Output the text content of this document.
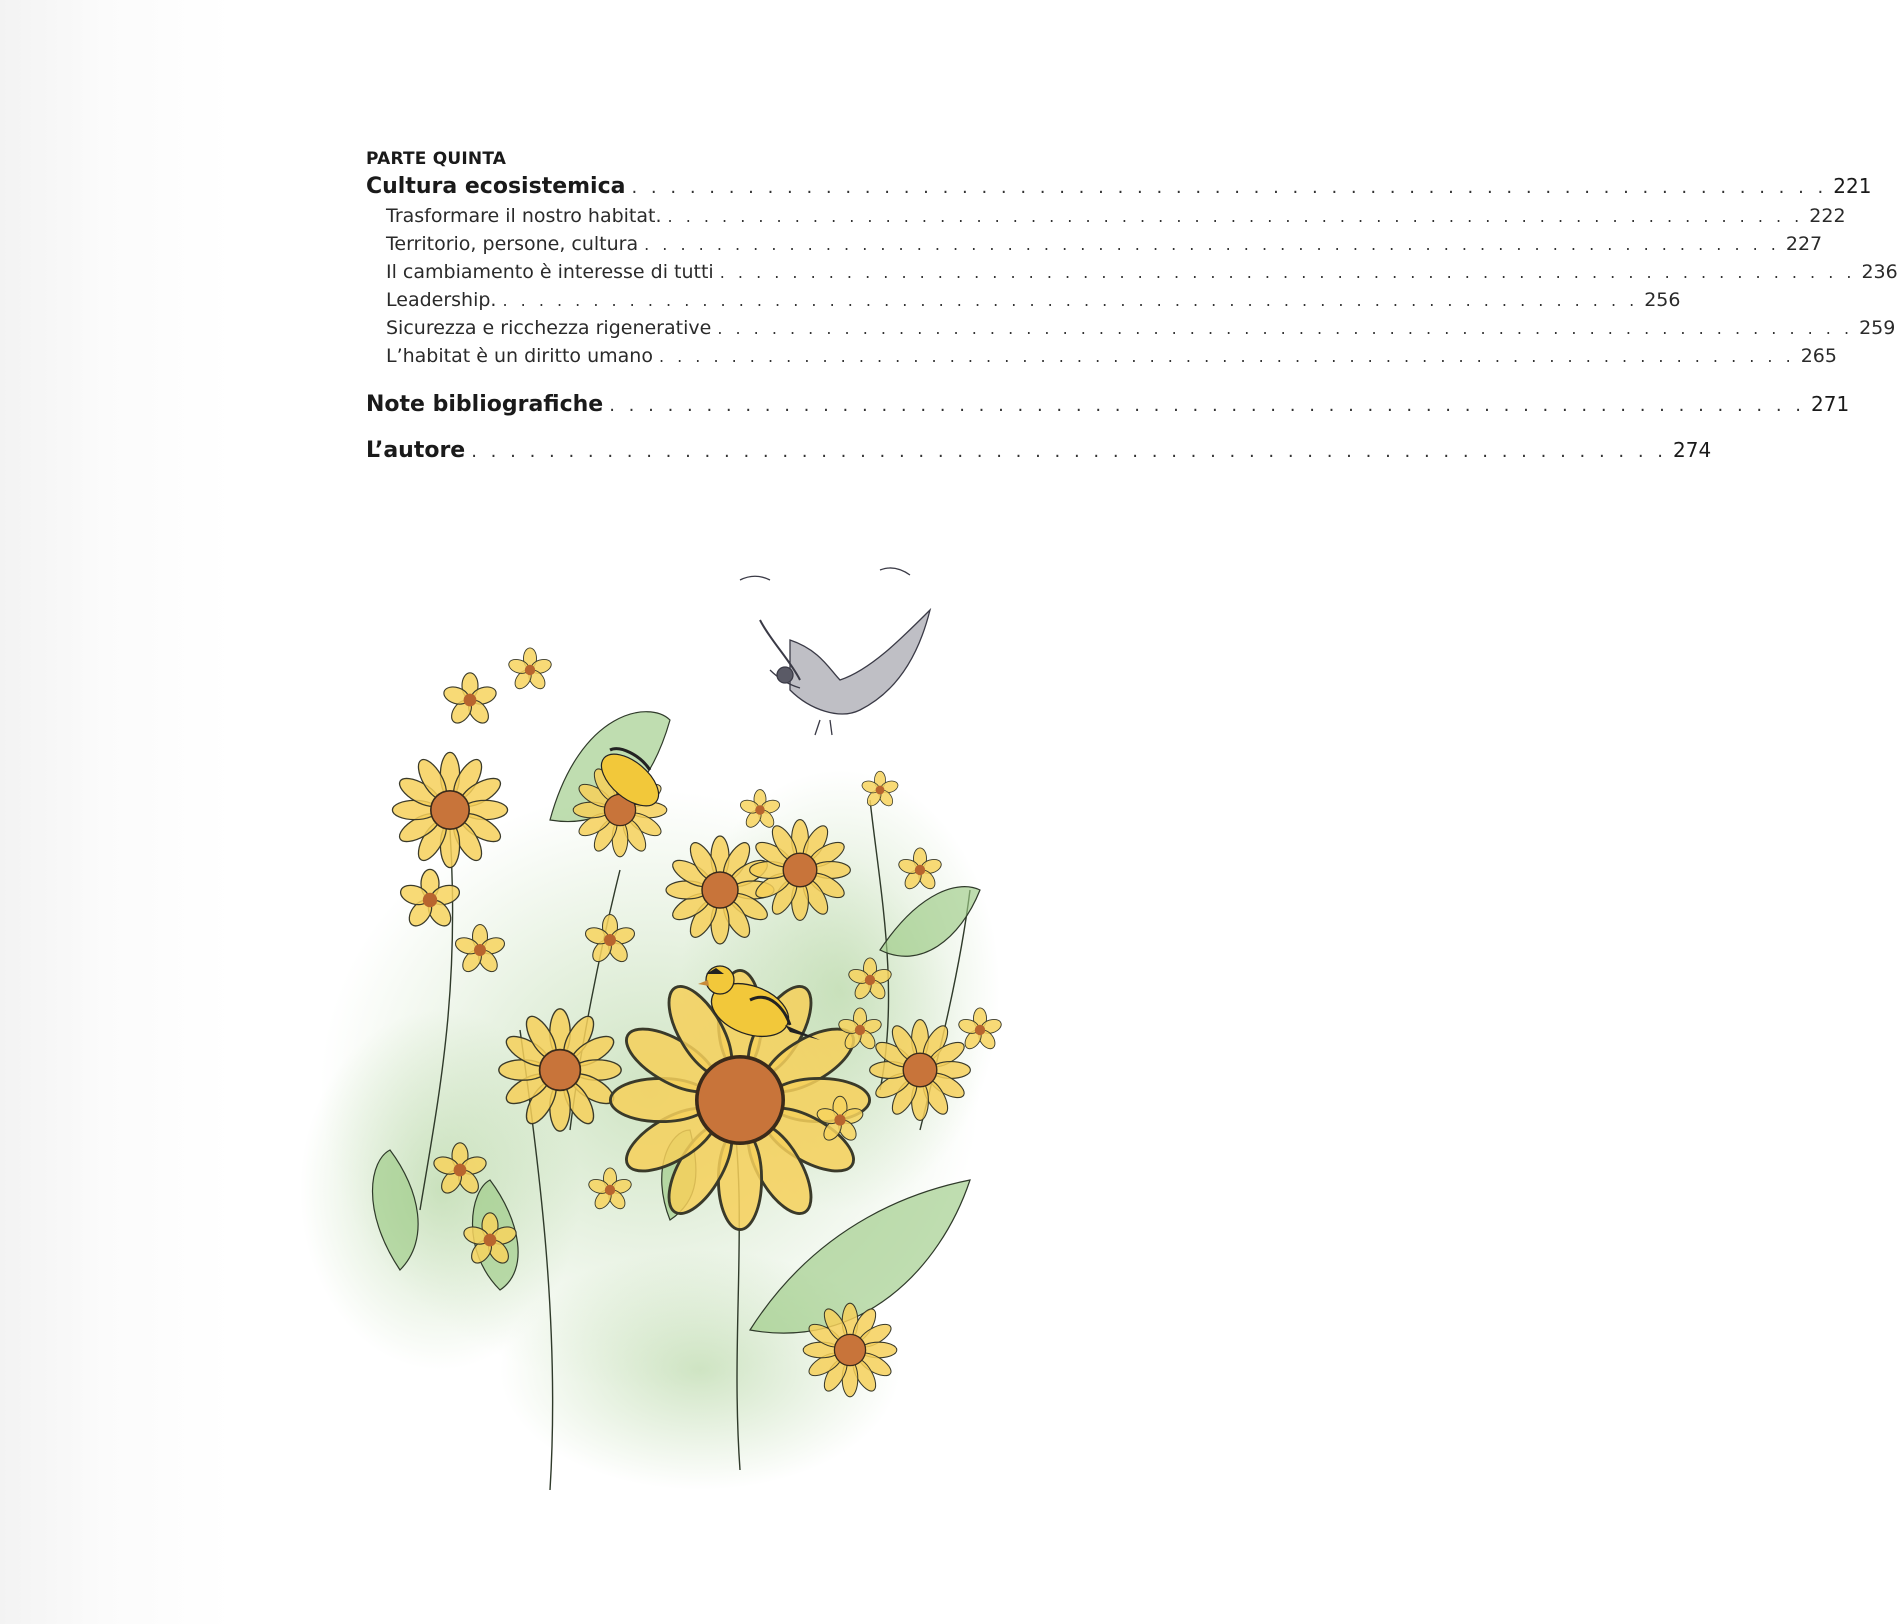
PARTE QUINTA
Cultura ecosistemica . . . . . . . . . . . . . . . . . . . . . . . . . . . . . . . . . . . . . . . . . . . . . . . . . . . . . . . . . . . . . . 221
Trasformare il nostro habitat. . . . . . . . . . . . . . . . . . . . . . . . . . . . . . . . . . . . . . . . . . . . . . . . . . . . . . . . . . . . . . . . 222
Territorio, persone, cultura . . . . . . . . . . . . . . . . . . . . . . . . . . . . . . . . . . . . . . . . . . . . . . . . . . . . . . . . . . . . . . . 227
Il cambiamento è interesse di tutti . . . . . . . . . . . . . . . . . . . . . . . . . . . . . . . . . . . . . . . . . . . . . . . . . . . . . . . . . . . . . . . 236
Leadership. . . . . . . . . . . . . . . . . . . . . . . . . . . . . . . . . . . . . . . . . . . . . . . . . . . . . . . . . . . . . . . . 256
Sicurezza e ricchezza rigenerative . . . . . . . . . . . . . . . . . . . . . . . . . . . . . . . . . . . . . . . . . . . . . . . . . . . . . . . . . . . . . . . 259
L’habitat è un diritto umano . . . . . . . . . . . . . . . . . . . . . . . . . . . . . . . . . . . . . . . . . . . . . . . . . . . . . . . . . . . . . . . 265
Note bibliografiche . . . . . . . . . . . . . . . . . . . . . . . . . . . . . . . . . . . . . . . . . . . . . . . . . . . . . . . . . . . . . . 271
L’autore . . . . . . . . . . . . . . . . . . . . . . . . . . . . . . . . . . . . . . . . . . . . . . . . . . . . . . . . . . . . . . 274
